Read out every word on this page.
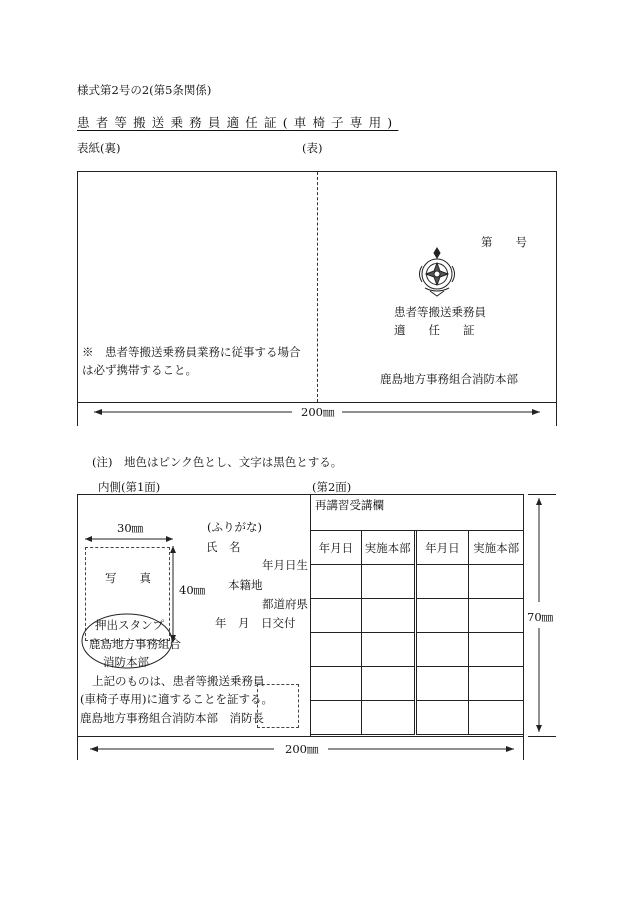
様式第2号の2(第5条関係)
患者等搬送乗務員適任証(車椅子専用)
表紙(裏)	(表)
※　患者等搬送乗務員業務に従事する場合
は必ず携帯すること。
第　　号
患者等搬送乗務員
適　　任　　証
鹿島地方事務組合消防本部
200㎜
(注)　地色はピンク色とし、文字は黒色とする。
内側(第1面)	(第2面)
30㎜
写　　真
40㎜
(ふりがな)
氏　名
年月日生
本籍地
都道府県
年　月　日交付
押出スタンプ
鹿島地方事務組合
消防本部
上記のものは、患者等搬送乗務員
(車椅子専用)に適することを証する。
鹿島地方事務組合消防本部　消防長
再講習受講欄
年月日	実施本部	年月日	実施本部

70㎜
200㎜
